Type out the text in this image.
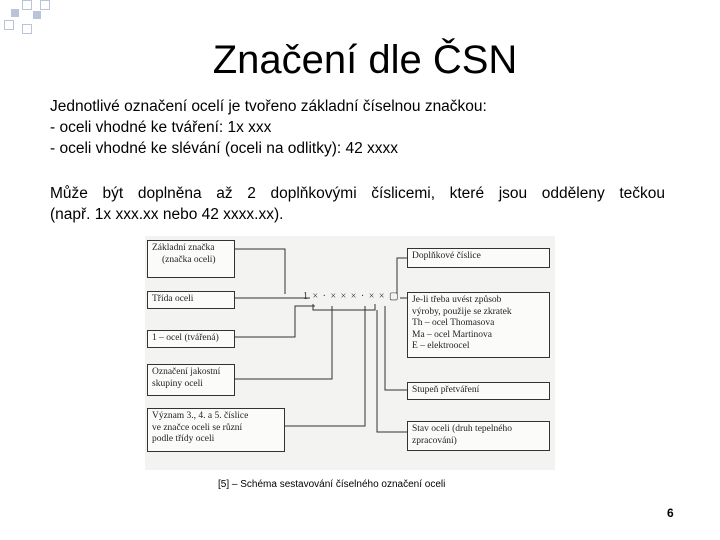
Značení dle ČSN
Jednotlivé označení ocelí je tvořeno základní číselnou značkou:
- oceli vhodné ke tváření: 1x xxx
- oceli vhodné ke slévání (oceli na odlitky): 42 xxxx
Může být doplněna až 2 doplňkovými číslicemi, které jsou odděleny tečkou
(např. 1x xxx.xx nebo 42 xxxx.xx).
1 × · × × × · × × ▢
Základní značka
(značka oceli)
Třída oceli
1 – ocel (tvářená)
Označení jakostní
skupiny oceli
Význam 3., 4. a 5. číslice
ve značce oceli se různí
podle třídy oceli
Doplňkové číslice
Je-li třeba uvést způsob
výroby, použije se zkratek
Th – ocel Thomasova
Ma – ocel Martinova
E – elektroocel
Stupeň přetváření
Stav oceli (druh tepelného
zpracování)
[5] – Schéma sestavování číselného označení oceli
6
